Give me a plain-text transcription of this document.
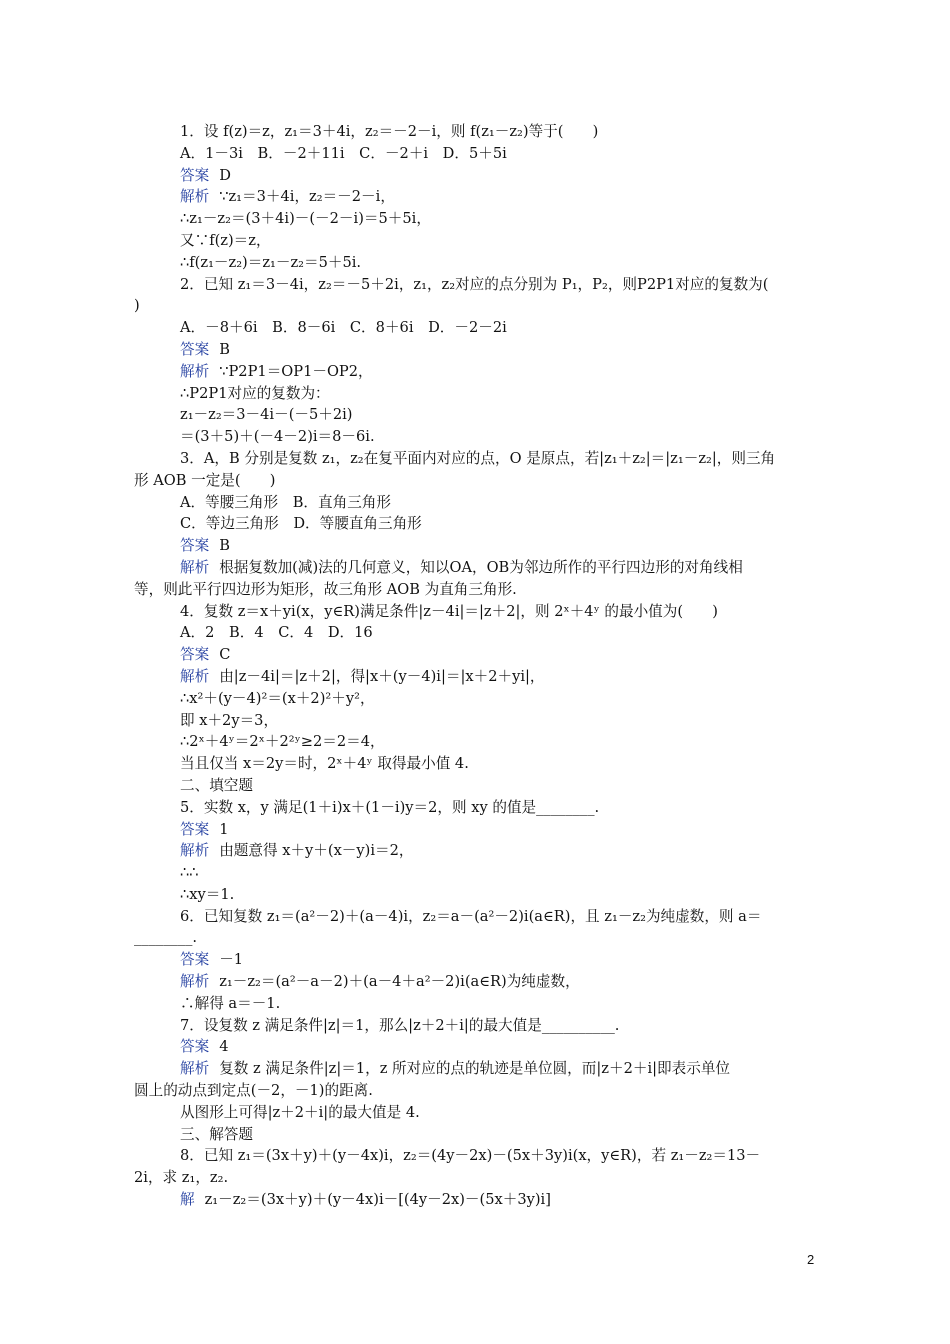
1．设 f(z)＝z，z₁＝3＋4i，z₂＝－2－i，则 f(z₁－z₂)等于(　　)
A．1－3i　B．－2＋11i　C．－2＋i　D．5＋5i
答案 D
解析 ∵z₁＝3＋4i，z₂＝－2－i，
∴z₁－z₂＝(3＋4i)－(－2－i)＝5＋5i，
又∵f(z)＝z，
∴f(z₁－z₂)＝z₁－z₂＝5＋5i.
2．已知 z₁＝3－4i，z₂＝－5＋2i，z₁，z₂对应的点分别为 P₁，P₂，则P2P1对应的复数为(
)
A．－8＋6i　B．8－6i　C．8＋6i　D．－2－2i
答案 B
解析 ∵P2P1＝OP1－OP2，
∴P2P1对应的复数为：
z₁－z₂＝3－4i－(－5＋2i)
＝(3＋5)＋(－4－2)i＝8－6i.
3．A，B 分别是复数 z₁，z₂在复平面内对应的点，O 是原点，若|z₁＋z₂|＝|z₁－z₂|，则三角
形 AOB 一定是(　　)
A．等腰三角形　B．直角三角形
C．等边三角形　D．等腰直角三角形
答案 B
解析 根据复数加(减)法的几何意义，知以OA，OB为邻边所作的平行四边形的对角线相
等，则此平行四边形为矩形，故三角形 AOB 为直角三角形.
4．复数 z＝x＋yi(x，y∈R)满足条件|z－4i|＝|z＋2|，则 2ˣ＋4ʸ 的最小值为(　　)
A．2　B．4　C．4　D．16
答案 C
解析 由|z－4i|＝|z＋2|，得|x＋(y－4)i|＝|x＋2＋yi|，
∴x²＋(y－4)²＝(x＋2)²＋y²，
即 x＋2y＝3，
∴2ˣ＋4ʸ＝2ˣ＋2²ʸ≥2＝2＝4，
当且仅当 x＝2y＝时，2ˣ＋4ʸ 取得最小值 4.
二、填空题
5．实数 x，y 满足(1＋i)x＋(1－i)y＝2，则 xy 的值是________.
答案 1
解析 由题意得 x＋y＋(x－y)i＝2，
∴∴
∴xy＝1.
6．已知复数 z₁＝(a²－2)＋(a－4)i，z₂＝a－(a²－2)i(a∈R)，且 z₁－z₂为纯虚数，则 a＝
________.
答案 －1
解析 z₁－z₂＝(a²－a－2)＋(a－4＋a²－2)i(a∈R)为纯虚数，
∴解得 a＝－1.
7．设复数 z 满足条件|z|＝1，那么|z＋2＋i|的最大值是__________.
答案 4
解析 复数 z 满足条件|z|＝1，z 所对应的点的轨迹是单位圆，而|z＋2＋i|即表示单位
圆上的动点到定点(－2，－1)的距离.
从图形上可得|z＋2＋i|的最大值是 4.
三、解答题
8．已知 z₁＝(3x＋y)＋(y－4x)i，z₂＝(4y－2x)－(5x＋3y)i(x，y∈R)，若 z₁－z₂＝13－
2i，求 z₁，z₂.
解 z₁－z₂＝(3x＋y)＋(y－4x)i－[(4y－2x)－(5x＋3y)i]
2
